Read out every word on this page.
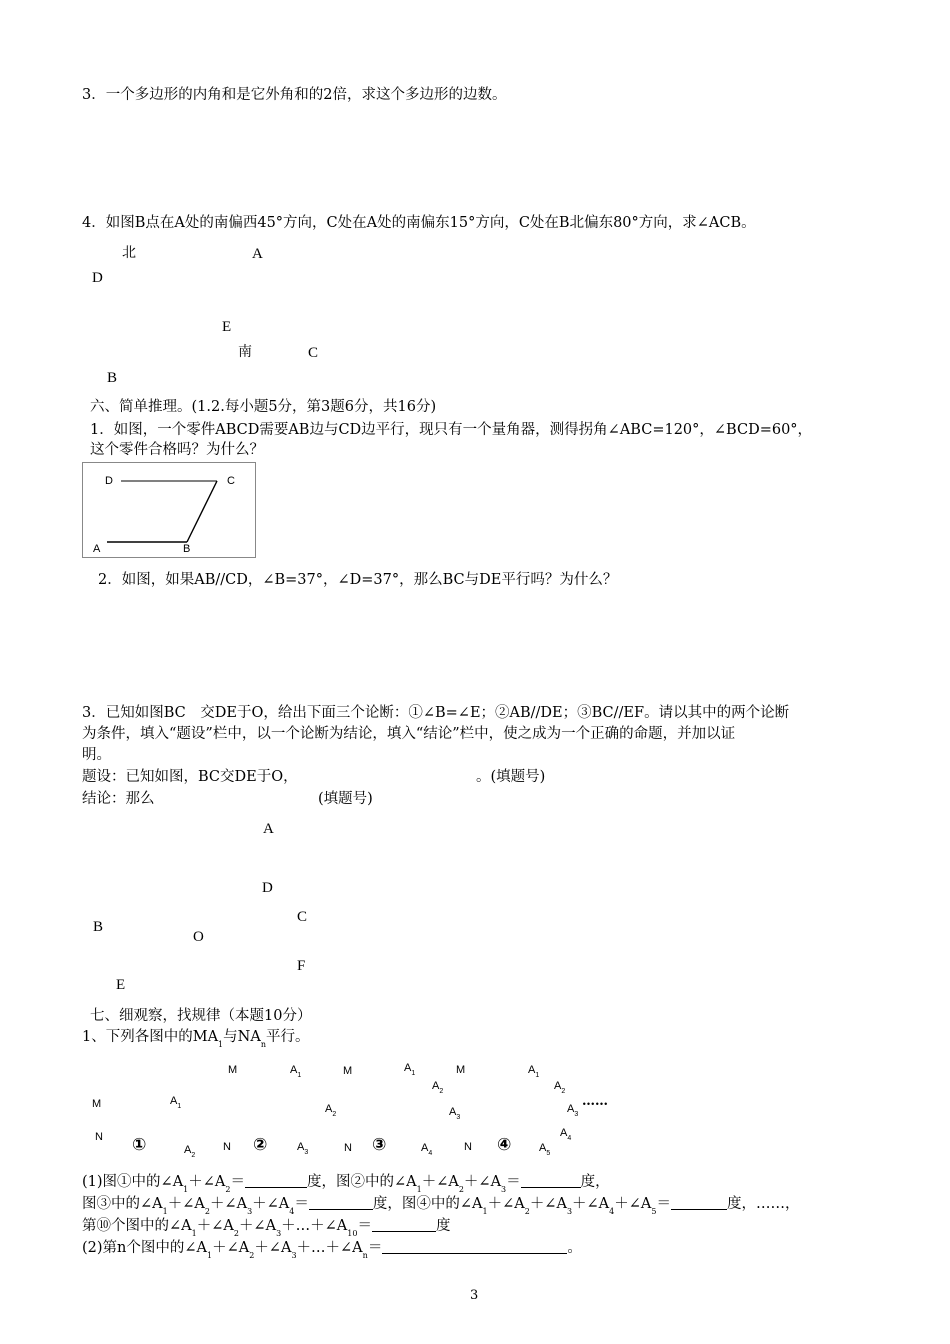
3．一个多边形的内角和是它外角和的2倍，求这个多边形的边数。
4．如图B点在A处的南偏西45°方向，C处在A处的南偏东15°方向，C处在B北偏东80°方向，求∠ACB。
北	A
D
E
南	C
B
六、简单推理。(1.2.每小题5分，第3题6分，共16分)
1．如图，一个零件ABCD需要AB边与CD边平行，现只有一个量角器，测得拐角∠ABC=120°，∠BCD=60°，
这个零件合格吗？为什么？
D	C
A	B
2．如图，如果AB//CD，∠B=37°，∠D=37°，那么BC与DE平行吗？为什么？
3．已知如图BC　交DE于O，给出下面三个论断：①∠B=∠E；②AB//DE；③BC//EF。请以其中的两个论断
为条件，填入“题设”栏中，以一个论断为结论，填入“结论”栏中，使之成为一个正确的命题，并加以证
明。
题设：已知如图，BC交DE于O，	。(填题号)
结论：那么	(填题号)
A
D
C
B
O
F
E
七、细观察，找规律（本题10分）
1、下列各图中的$MA_1$与$NA_n$平行。
M	$A_1$	M	$A_1$	M	$A_1$
$A_2$	$A_2$
M	$A_1$	$A_2$	$A_3$
$A_3$
……
$A_4$
N ①	$A_2$
N ②	$A_3$	N ③	$A_4$
N ④	$A_5$
(1)图①中的$\angle A_1+\angle A_2=$	度，图②中的$\angle A_1+\angle A_2+\angle A_3=$	度，
图③中的$\angle A_1+\angle A_2+\angle A_3+\angle A_4=$	度，图④中的$\angle A_1+\angle A_2+\angle A_3+\angle A_4+\angle A_5=$	度，……，
第⑩个图中的$\angle A_1+\angle A_2+\angle A_3+\dots+\angle A_{10}=$	度
(2)第n个图中的$\angle A_1+\angle A_2+\angle A_3+\dots+\angle A_n=$	。
3
